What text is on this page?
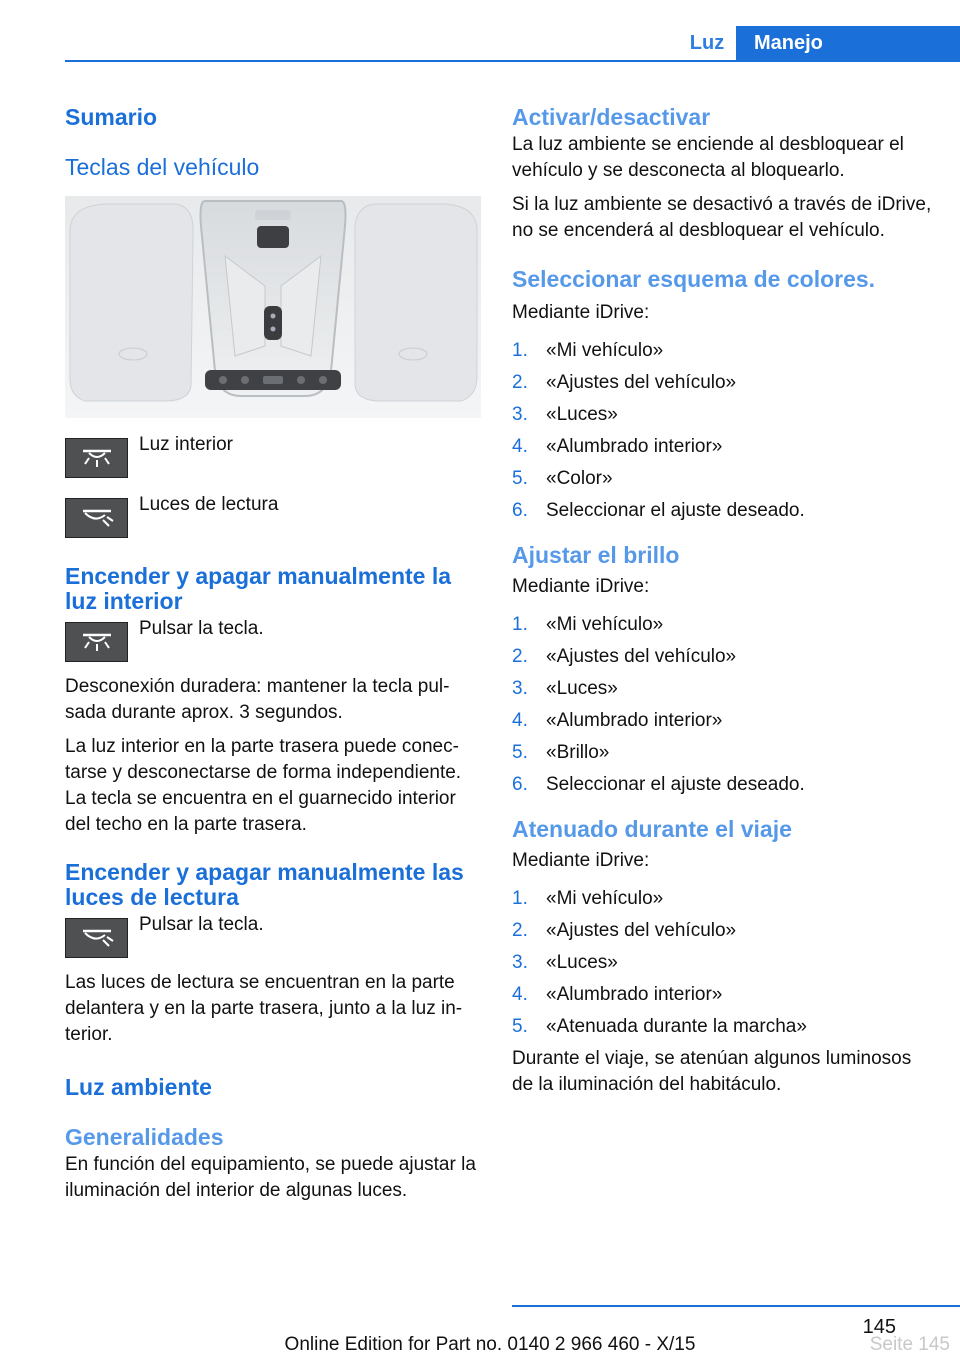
Luz	Manejo
Sumario
Teclas del vehículo

Luz interior

Luces de lectura

Encender y apagar manualmente la luz interior

Pulsar la tecla.

Desconexión duradera: mantener la tecla pulsada durante aprox. 3 segundos.

La luz interior en la parte trasera puede conectarse y desconectarse de forma independiente. La tecla se encuentra en el guarnecido interior del techo en la parte trasera.

Encender y apagar manualmente las luces de lectura

Pulsar la tecla.

Las luces de lectura se encuentran en la parte delantera y en la parte trasera, junto a la luz interior.

Luz ambiente
Generalidades

En función del equipamiento, se puede ajustar la iluminación del interior de algunas luces.

Activar/desactivar

La luz ambiente se enciende al desbloquear el vehículo y se desconecta al bloquearlo.

Si la luz ambiente se desactivó a través de iDrive, no se encenderá al desbloquear el vehículo.

Seleccionar esquema de colores.

Mediante iDrive:

1. «Mi vehículo»
2. «Ajustes del vehículo»
3. «Luces»
4. «Alumbrado interior»
5. «Color»
6. Seleccionar el ajuste deseado.
Ajustar el brillo

Mediante iDrive:

1. «Mi vehículo»
2. «Ajustes del vehículo»
3. «Luces»
4. «Alumbrado interior»
5. «Brillo»
6. Seleccionar el ajuste deseado.
Atenuado durante el viaje

Mediante iDrive:

1. «Mi vehículo»
2. «Ajustes del vehículo»
3. «Luces»
4. «Alumbrado interior»
5. «Atenuada durante la marcha»

Durante el viaje, se atenúan algunos luminosos de la iluminación del habitáculo.

145
Seite 145
Online Edition for Part no. 0140 2 966 460 - X/15
